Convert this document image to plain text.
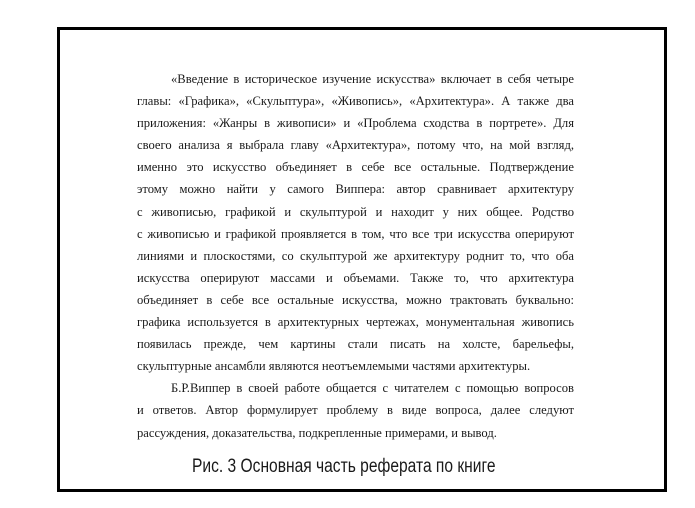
«Введение в историческое изучение искусства» включает в себя четыре
главы: «Графика», «Скульптура», «Живопись», «Архитектура». А также два
приложения: «Жанры в живописи» и «Проблема сходства в портрете». Для
своего анализа я выбрала главу «Архитектура», потому что, на мой взгляд,
именно это искусство объединяет в себе все остальные. Подтверждение
этому можно найти у самого Виппера: автор сравнивает архитектуру
с живописью, графикой и скульптурой и находит у них общее. Родство
с живописью и графикой проявляется в том, что все три искусства оперируют
линиями и плоскостями, со скульптурой же архитектуру роднит то, что оба
искусства оперируют массами и объемами. Также то, что архитектура
объединяет в себе все остальные искусства, можно трактовать буквально:
графика используется в архитектурных чертежах, монументальная живопись
появилась прежде, чем картины стали писать на холсте, барельефы,
скульптурные ансамбли являются неотъемлемыми частями архитектуры.
Б.Р.Виппер в своей работе общается с читателем с помощью вопросов
и ответов. Автор формулирует проблему в виде вопроса, далее следуют
рассуждения, доказательства, подкрепленные примерами, и вывод.
Рис. 3 Основная часть реферата по книге
